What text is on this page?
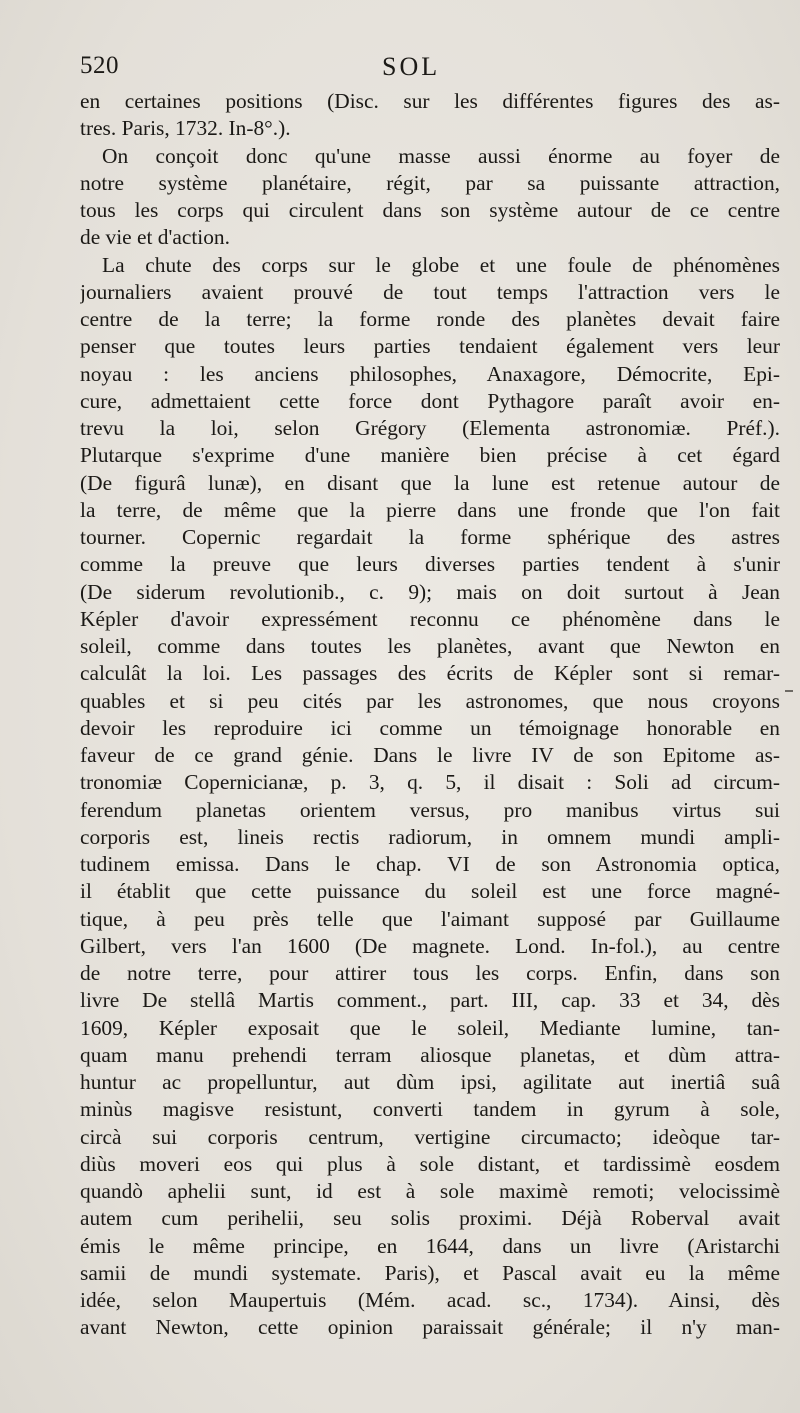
520	SOL
en certaines positions (Disc. sur les différentes figures des as-
tres. Paris, 1732. In-8°.).
On conçoit donc qu'une masse aussi énorme au foyer de
notre système planétaire, régit, par sa puissante attraction,
tous les corps qui circulent dans son système autour de ce centre
de vie et d'action.
La chute des corps sur le globe et une foule de phénomènes
journaliers avaient prouvé de tout temps l'attraction vers le
centre de la terre; la forme ronde des planètes devait faire
penser que toutes leurs parties tendaient également vers leur
noyau : les anciens philosophes, Anaxagore, Démocrite, Epi-
cure, admettaient cette force dont Pythagore paraît avoir en-
trevu la loi, selon Grégory (Elementa astronomiæ. Préf.).
Plutarque s'exprime d'une manière bien précise à cet égard
(De figurâ lunæ), en disant que la lune est retenue autour de
la terre, de même que la pierre dans une fronde que l'on fait
tourner. Copernic regardait la forme sphérique des astres
comme la preuve que leurs diverses parties tendent à s'unir
(De siderum revolutionib., c. 9); mais on doit surtout à Jean
Képler d'avoir expressément reconnu ce phénomène dans le
soleil, comme dans toutes les planètes, avant que Newton en
calculât la loi. Les passages des écrits de Képler sont si remar-
quables et si peu cités par les astronomes, que nous croyons
devoir les reproduire ici comme un témoignage honorable en
faveur de ce grand génie. Dans le livre IV de son Epitome as-
tronomiæ Copernicianæ, p. 3, q. 5, il disait : Soli ad circum-
ferendum planetas orientem versus, pro manibus virtus sui
corporis est, lineis rectis radiorum, in omnem mundi ampli-
tudinem emissa. Dans le chap. VI de son Astronomia optica,
il établit que cette puissance du soleil est une force magné-
tique, à peu près telle que l'aimant supposé par Guillaume
Gilbert, vers l'an 1600 (De magnete. Lond. In-fol.), au centre
de notre terre, pour attirer tous les corps. Enfin, dans son
livre De stellâ Martis comment., part. III, cap. 33 et 34, dès
1609, Képler exposait que le soleil, Mediante lumine, tan-
quam manu prehendi terram aliosque planetas, et dùm attra-
huntur ac propelluntur, aut dùm ipsi, agilitate aut inertiâ suâ
minùs magisve resistunt, converti tandem in gyrum à sole,
circà sui corporis centrum, vertigine circumacto; ideòque tar-
diùs moveri eos qui plus à sole distant, et tardissimè eosdem
quandò aphelii sunt, id est à sole maximè remoti; velocissimè
autem cum perihelii, seu solis proximi. Déjà Roberval avait
émis le même principe, en 1644, dans un livre (Aristarchi
samii de mundi systemate. Paris), et Pascal avait eu la même
idée, selon Maupertuis (Mém. acad. sc., 1734). Ainsi, dès
avant Newton, cette opinion paraissait générale; il n'y man-
